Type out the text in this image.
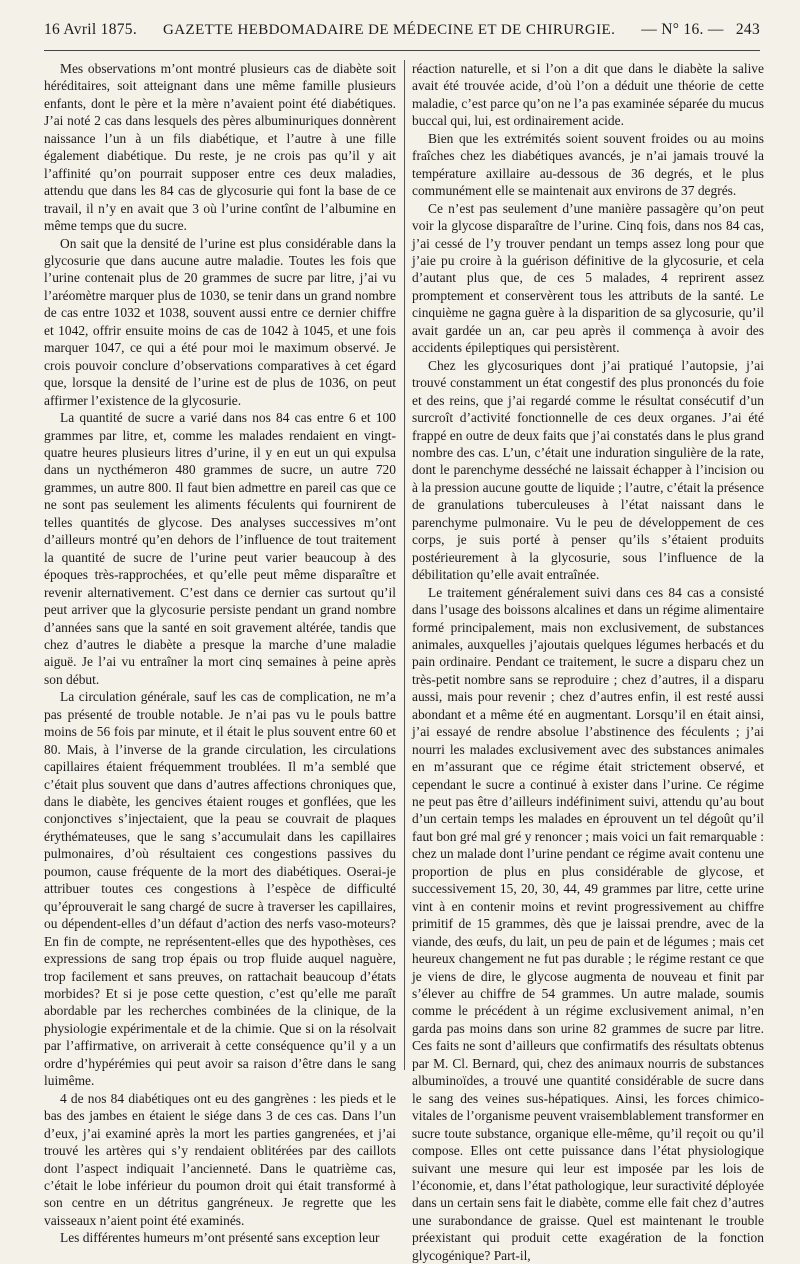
16 Avril 1875. GAZETTE HEBDOMADAIRE DE MÉDECINE ET DE CHIRURGIE. — N° 16. — 243

Mes observations m’ont montré plusieurs cas de diabète soit héréditaires, soit atteignant dans une même famille plusieurs enfants, dont le père et la mère n’avaient point été diabétiques. J’ai noté 2 cas dans lesquels des pères albuminuriques donnèrent naissance l’un à un fils diabétique, et l’autre à une fille également diabétique. Du reste, je ne crois pas qu’il y ait l’affinité qu’on pourrait supposer entre ces deux maladies, attendu que dans les 84 cas de glycosurie qui font la base de ce travail, il n’y en avait que 3 où l’urine contînt de l’albumine en même temps que du sucre.

On sait que la densité de l’urine est plus considérable dans la glycosurie que dans aucune autre maladie. Toutes les fois que l’urine contenait plus de 20 grammes de sucre par litre, j’ai vu l’aréomètre marquer plus de 1030, se tenir dans un grand nombre de cas entre 1032 et 1038, souvent aussi entre ce dernier chiffre et 1042, offrir ensuite moins de cas de 1042 à 1045, et une fois marquer 1047, ce qui a été pour moi le maximum observé. Je crois pouvoir conclure d’observations comparatives à cet égard que, lorsque la densité de l’urine est de plus de 1036, on peut affirmer l’existence de la glycosurie.

La quantité de sucre a varié dans nos 84 cas entre 6 et 100 grammes par litre, et, comme les malades rendaient en vingt-quatre heures plusieurs litres d’urine, il y en eut un qui expulsa dans un nycthémeron 480 grammes de sucre, un autre 720 grammes, un autre 800. Il faut bien admettre en pareil cas que ce ne sont pas seulement les aliments féculents qui fournirent de telles quantités de glycose. Des analyses successives m’ont d’ailleurs montré qu’en dehors de l’influence de tout traitement la quantité de sucre de l’urine peut varier beaucoup à des époques très-rapprochées, et qu’elle peut même disparaître et revenir alternativement. C’est dans ce dernier cas surtout qu’il peut arriver que la glycosurie persiste pendant un grand nombre d’années sans que la santé en soit gravement altérée, tandis que chez d’autres le diabète a presque la marche d’une maladie aiguë. Je l’ai vu entraîner la mort cinq semaines à peine après son début.

La circulation générale, sauf les cas de complication, ne m’a pas présenté de trouble notable. Je n’ai pas vu le pouls battre moins de 56 fois par minute, et il était le plus souvent entre 60 et 80. Mais, à l’inverse de la grande circulation, les circulations capillaires étaient fréquemment troublées. Il m’a semblé que c’était plus souvent que dans d’autres affections chroniques que, dans le diabète, les gencives étaient rouges et gonflées, que les conjonctives s’injectaient, que la peau se couvrait de plaques érythémateuses, que le sang s’accumulait dans les capillaires pulmonaires, d’où résultaient ces congestions passives du poumon, cause fréquente de la mort des diabétiques. Oserai-je attribuer toutes ces congestions à l’espèce de difficulté qu’éprouverait le sang chargé de sucre à traverser les capillaires, ou dépendent-elles d’un défaut d’action des nerfs vaso-moteurs? En fin de compte, ne représentent-elles que des hypothèses, ces expressions de sang trop épais ou trop fluide auquel naguère, trop facilement et sans preuves, on rattachait beaucoup d’états morbides? Et si je pose cette question, c’est qu’elle me paraît abordable par les recherches combinées de la clinique, de la physiologie expérimentale et de la chimie. Que si on la résolvait par l’affirmative, on arriverait à cette conséquence qu’il y a un ordre d’hypérémies qui peut avoir sa raison d’être dans le sang luimême.

4 de nos 84 diabétiques ont eu des gangrènes : les pieds et le bas des jambes en étaient le siége dans 3 de ces cas. Dans l’un d’eux, j’ai examiné après la mort les parties gangrenées, et j’ai trouvé les artères qui s’y rendaient oblitérées par des caillots dont l’aspect indiquait l’ancienneté. Dans le quatrième cas, c’était le lobe inférieur du poumon droit qui était transformé à son centre en un détritus gangréneux. Je regrette que les vaisseaux n’aient point été examinés.

Les différentes humeurs m’ont présenté sans exception leur

réaction naturelle, et si l’on a dit que dans le diabète la salive avait été trouvée acide, d’où l’on a déduit une théorie de cette maladie, c’est parce qu’on ne l’a pas examinée séparée du mucus buccal qui, lui, est ordinairement acide.

Bien que les extrémités soient souvent froides ou au moins fraîches chez les diabétiques avancés, je n’ai jamais trouvé la température axillaire au-dessous de 36 degrés, et le plus communément elle se maintenait aux environs de 37 degrés.

Ce n’est pas seulement d’une manière passagère qu’on peut voir la glycose disparaître de l’urine. Cinq fois, dans nos 84 cas, j’ai cessé de l’y trouver pendant un temps assez long pour que j’aie pu croire à la guérison définitive de la glycosurie, et cela d’autant plus que, de ces 5 malades, 4 reprirent assez promptement et conservèrent tous les attributs de la santé. Le cinquième ne gagna guère à la disparition de sa glycosurie, qu’il avait gardée un an, car peu après il commença à avoir des accidents épileptiques qui persistèrent.

Chez les glycosuriques dont j’ai pratiqué l’autopsie, j’ai trouvé constamment un état congestif des plus prononcés du foie et des reins, que j’ai regardé comme le résultat consécutif d’un surcroît d’activité fonctionnelle de ces deux organes. J’ai été frappé en outre de deux faits que j’ai constatés dans le plus grand nombre des cas. L’un, c’était une induration singulière de la rate, dont le parenchyme desséché ne laissait échapper à l’incision ou à la pression aucune goutte de liquide ; l’autre, c’était la présence de granulations tuberculeuses à l’état naissant dans le parenchyme pulmonaire. Vu le peu de développement de ces corps, je suis porté à penser qu’ils s’étaient produits postérieurement à la glycosurie, sous l’influence de la débilitation qu’elle avait entraînée.

Le traitement généralement suivi dans ces 84 cas a consisté dans l’usage des boissons alcalines et dans un régime alimentaire formé principalement, mais non exclusivement, de substances animales, auxquelles j’ajoutais quelques légumes herbacés et du pain ordinaire. Pendant ce traitement, le sucre a disparu chez un très-petit nombre sans se reproduire ; chez d’autres, il a disparu aussi, mais pour revenir ; chez d’autres enfin, il est resté aussi abondant et a même été en augmentant. Lorsqu’il en était ainsi, j’ai essayé de rendre absolue l’abstinence des féculents ; j’ai nourri les malades exclusivement avec des substances animales en m’assurant que ce régime était strictement observé, et cependant le sucre a continué à exister dans l’urine. Ce régime ne peut pas être d’ailleurs indéfiniment suivi, attendu qu’au bout d’un certain temps les malades en éprouvent un tel dégoût qu’il faut bon gré mal gré y renoncer ; mais voici un fait remarquable : chez un malade dont l’urine pendant ce régime avait contenu une proportion de plus en plus considérable de glycose, et successivement 15, 20, 30, 44, 49 grammes par litre, cette urine vint à en contenir moins et revint progressivement au chiffre primitif de 15 grammes, dès que je laissai prendre, avec de la viande, des œufs, du lait, un peu de pain et de légumes ; mais cet heureux changement ne fut pas durable ; le régime restant ce que je viens de dire, le glycose augmenta de nouveau et finit par s’élever au chiffre de 54 grammes. Un autre malade, soumis comme le précédent à un régime exclusivement animal, n’en garda pas moins dans son urine 82 grammes de sucre par litre. Ces faits ne sont d’ailleurs que confirmatifs des résultats obtenus par M. Cl. Bernard, qui, chez des animaux nourris de substances albuminoïdes, a trouvé une quantité considérable de sucre dans le sang des veines sus-hépatiques. Ainsi, les forces chimico-vitales de l’organisme peuvent vraisemblablement transformer en sucre toute substance, organique elle-même, qu’il reçoit ou qu’il compose. Elles ont cette puissance dans l’état physiologique suivant une mesure qui leur est imposée par les lois de l’économie, et, dans l’état pathologique, leur suractivité déployée dans un certain sens fait le diabète, comme elle fait chez d’autres une surabondance de graisse. Quel est maintenant le trouble préexistant qui produit cette exagération de la fonction glycogénique? Part-il,
